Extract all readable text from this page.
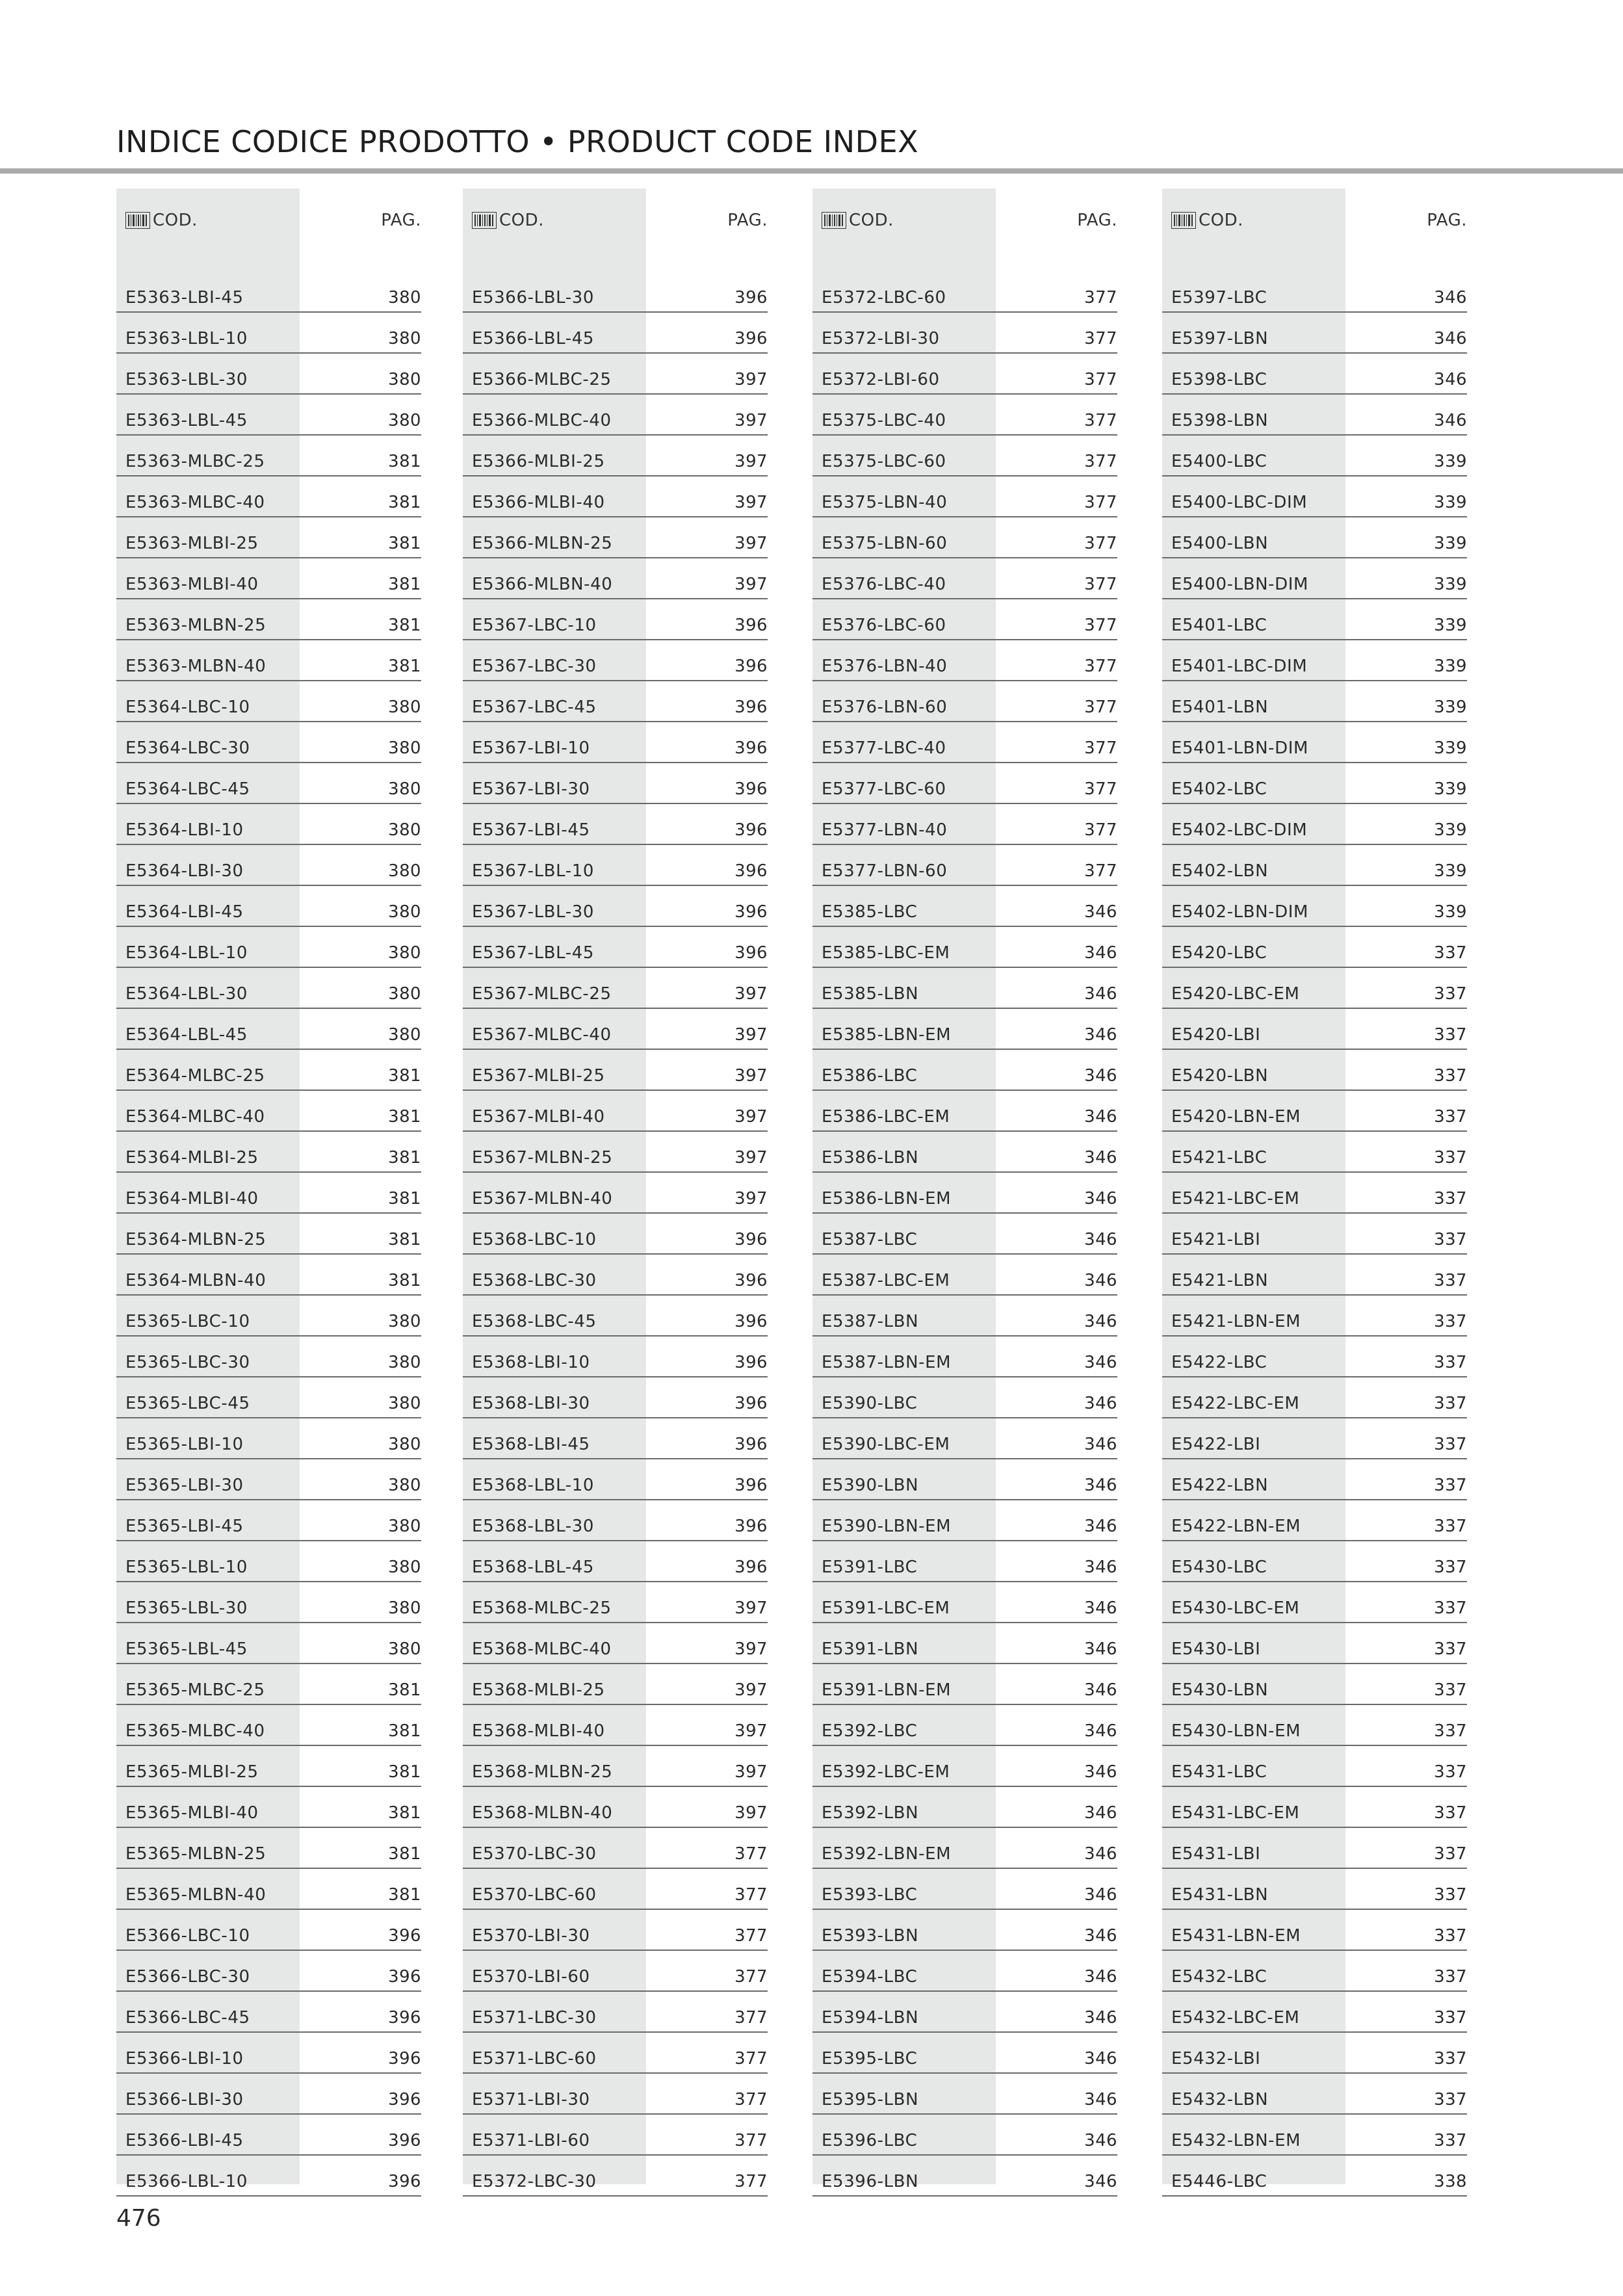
INDICE CODICE PRODOTTO • PRODUCT CODE INDEX
COD.	PAG.
E5363-LBI-45	380
E5363-LBL-10	380
E5363-LBL-30	380
E5363-LBL-45	380
E5363-MLBC-25	381
E5363-MLBC-40	381
E5363-MLBI-25	381
E5363-MLBI-40	381
E5363-MLBN-25	381
E5363-MLBN-40	381
E5364-LBC-10	380
E5364-LBC-30	380
E5364-LBC-45	380
E5364-LBI-10	380
E5364-LBI-30	380
E5364-LBI-45	380
E5364-LBL-10	380
E5364-LBL-30	380
E5364-LBL-45	380
E5364-MLBC-25	381
E5364-MLBC-40	381
E5364-MLBI-25	381
E5364-MLBI-40	381
E5364-MLBN-25	381
E5364-MLBN-40	381
E5365-LBC-10	380
E5365-LBC-30	380
E5365-LBC-45	380
E5365-LBI-10	380
E5365-LBI-30	380
E5365-LBI-45	380
E5365-LBL-10	380
E5365-LBL-30	380
E5365-LBL-45	380
E5365-MLBC-25	381
E5365-MLBC-40	381
E5365-MLBI-25	381
E5365-MLBI-40	381
E5365-MLBN-25	381
E5365-MLBN-40	381
E5366-LBC-10	396
E5366-LBC-30	396
E5366-LBC-45	396
E5366-LBI-10	396
E5366-LBI-30	396
E5366-LBI-45	396
E5366-LBL-10	396
COD.	PAG.
E5366-LBL-30	396
E5366-LBL-45	396
E5366-MLBC-25	397
E5366-MLBC-40	397
E5366-MLBI-25	397
E5366-MLBI-40	397
E5366-MLBN-25	397
E5366-MLBN-40	397
E5367-LBC-10	396
E5367-LBC-30	396
E5367-LBC-45	396
E5367-LBI-10	396
E5367-LBI-30	396
E5367-LBI-45	396
E5367-LBL-10	396
E5367-LBL-30	396
E5367-LBL-45	396
E5367-MLBC-25	397
E5367-MLBC-40	397
E5367-MLBI-25	397
E5367-MLBI-40	397
E5367-MLBN-25	397
E5367-MLBN-40	397
E5368-LBC-10	396
E5368-LBC-30	396
E5368-LBC-45	396
E5368-LBI-10	396
E5368-LBI-30	396
E5368-LBI-45	396
E5368-LBL-10	396
E5368-LBL-30	396
E5368-LBL-45	396
E5368-MLBC-25	397
E5368-MLBC-40	397
E5368-MLBI-25	397
E5368-MLBI-40	397
E5368-MLBN-25	397
E5368-MLBN-40	397
E5370-LBC-30	377
E5370-LBC-60	377
E5370-LBI-30	377
E5370-LBI-60	377
E5371-LBC-30	377
E5371-LBC-60	377
E5371-LBI-30	377
E5371-LBI-60	377
E5372-LBC-30	377
COD.	PAG.
E5372-LBC-60	377
E5372-LBI-30	377
E5372-LBI-60	377
E5375-LBC-40	377
E5375-LBC-60	377
E5375-LBN-40	377
E5375-LBN-60	377
E5376-LBC-40	377
E5376-LBC-60	377
E5376-LBN-40	377
E5376-LBN-60	377
E5377-LBC-40	377
E5377-LBC-60	377
E5377-LBN-40	377
E5377-LBN-60	377
E5385-LBC	346
E5385-LBC-EM	346
E5385-LBN	346
E5385-LBN-EM	346
E5386-LBC	346
E5386-LBC-EM	346
E5386-LBN	346
E5386-LBN-EM	346
E5387-LBC	346
E5387-LBC-EM	346
E5387-LBN	346
E5387-LBN-EM	346
E5390-LBC	346
E5390-LBC-EM	346
E5390-LBN	346
E5390-LBN-EM	346
E5391-LBC	346
E5391-LBC-EM	346
E5391-LBN	346
E5391-LBN-EM	346
E5392-LBC	346
E5392-LBC-EM	346
E5392-LBN	346
E5392-LBN-EM	346
E5393-LBC	346
E5393-LBN	346
E5394-LBC	346
E5394-LBN	346
E5395-LBC	346
E5395-LBN	346
E5396-LBC	346
E5396-LBN	346
COD.	PAG.
E5397-LBC	346
E5397-LBN	346
E5398-LBC	346
E5398-LBN	346
E5400-LBC	339
E5400-LBC-DIM	339
E5400-LBN	339
E5400-LBN-DIM	339
E5401-LBC	339
E5401-LBC-DIM	339
E5401-LBN	339
E5401-LBN-DIM	339
E5402-LBC	339
E5402-LBC-DIM	339
E5402-LBN	339
E5402-LBN-DIM	339
E5420-LBC	337
E5420-LBC-EM	337
E5420-LBI	337
E5420-LBN	337
E5420-LBN-EM	337
E5421-LBC	337
E5421-LBC-EM	337
E5421-LBI	337
E5421-LBN	337
E5421-LBN-EM	337
E5422-LBC	337
E5422-LBC-EM	337
E5422-LBI	337
E5422-LBN	337
E5422-LBN-EM	337
E5430-LBC	337
E5430-LBC-EM	337
E5430-LBI	337
E5430-LBN	337
E5430-LBN-EM	337
E5431-LBC	337
E5431-LBC-EM	337
E5431-LBI	337
E5431-LBN	337
E5431-LBN-EM	337
E5432-LBC	337
E5432-LBC-EM	337
E5432-LBI	337
E5432-LBN	337
E5432-LBN-EM	337
E5446-LBC	338
476
